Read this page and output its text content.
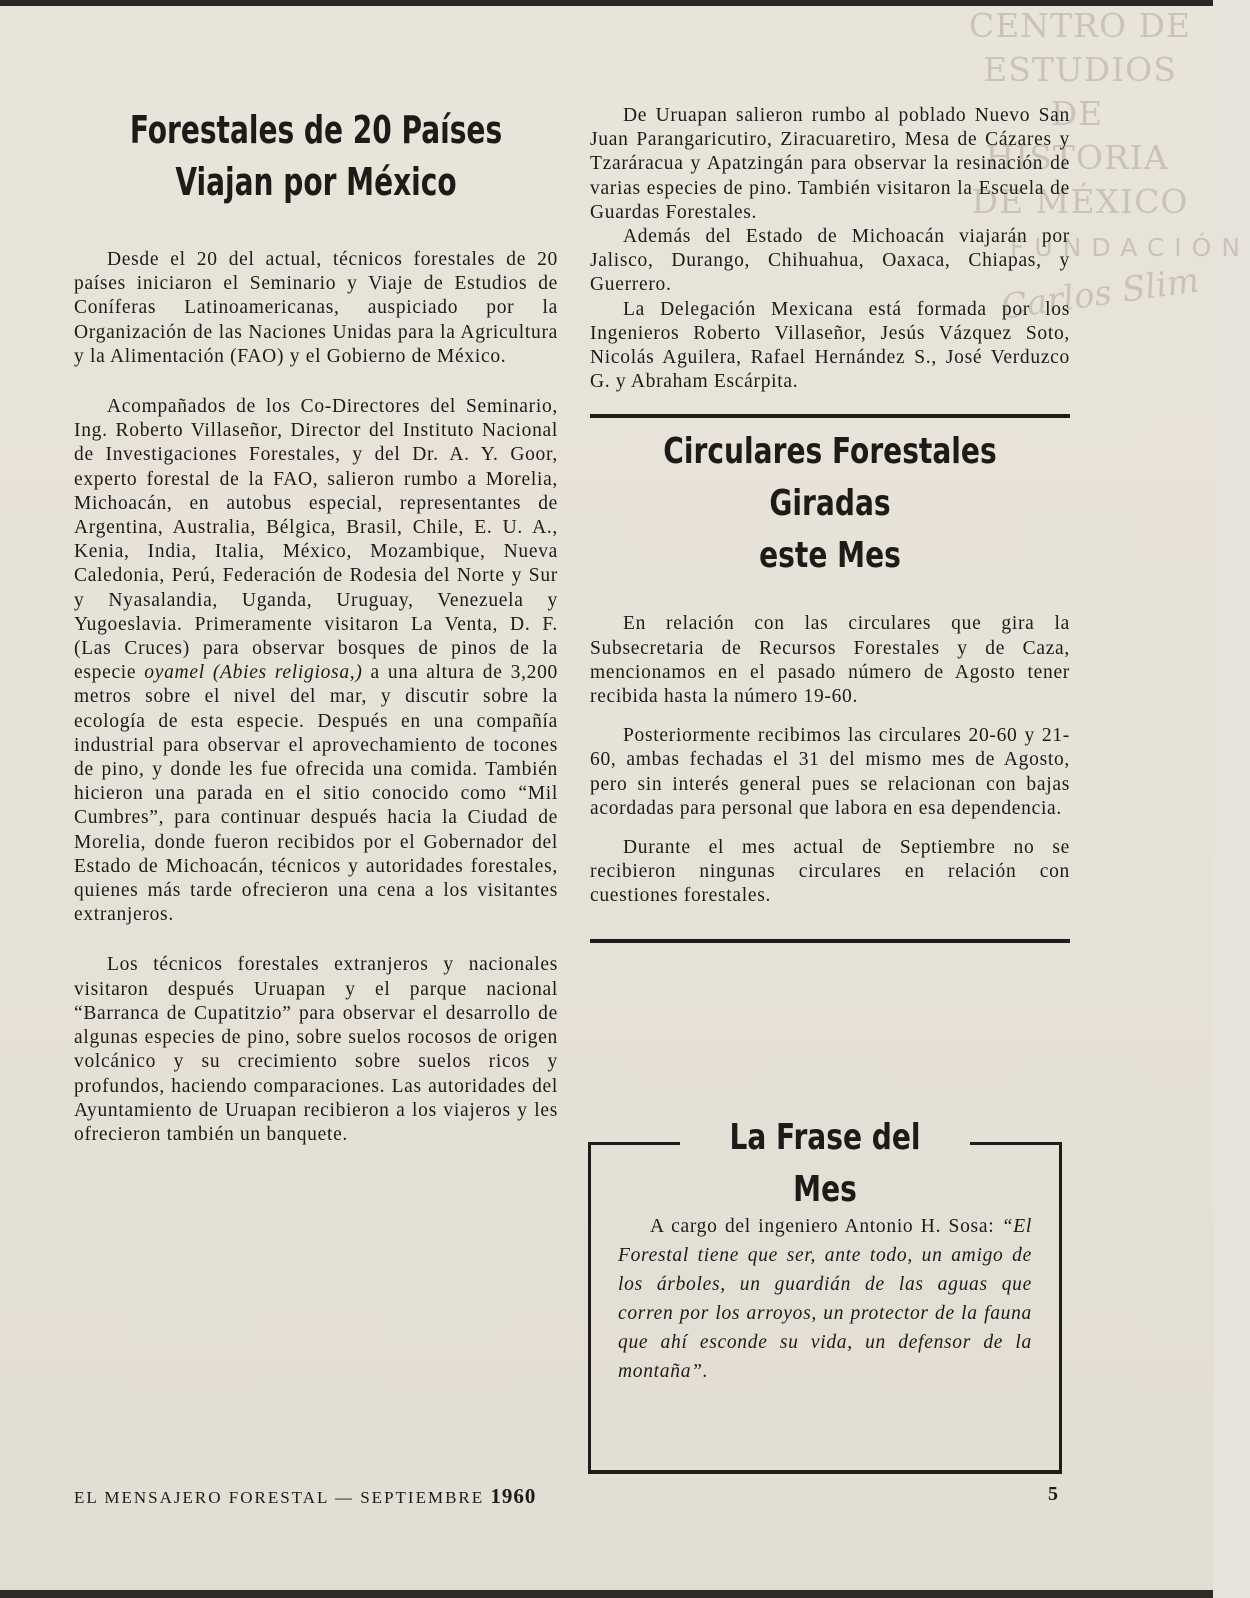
CENTRO DE
ESTUDIOS
DE HISTORIA
DE MÉXICO
FUNDACIÓN
Carlos Slim
Forestales de 20 Países
Viajan por México

Desde el 20 del actual, técnicos forestales de 20 países iniciaron el Seminario y Viaje de Estudios de Coníferas Latinoamericanas, auspiciado por la Organización de las Naciones Unidas para la Agricultura y la Alimentación (FAO) y el Gobierno de México.

Acompañados de los Co-Directores del Seminario, Ing. Roberto Villaseñor, Director del Instituto Nacional de Investigaciones Forestales, y del Dr. A. Y. Goor, experto forestal de la FAO, salieron rumbo a Morelia, Michoacán, en autobus especial, representantes de Argentina, Australia, Bélgica, Brasil, Chile, E. U. A., Kenia, India, Italia, México, Mozambique, Nueva Caledonia, Perú, Federación de Rodesia del Norte y Sur y Nyasalandia, Uganda, Uruguay, Venezuela y Yugoeslavia. Primeramente visitaron La Venta, D. F. (Las Cruces) para observar bosques de pinos de la especie oyamel (Abies religiosa,) a una altura de 3,200 metros sobre el nivel del mar, y discutir sobre la ecología de esta especie. Después en una compañía industrial para observar el aprovechamiento de tocones de pino, y donde les fue ofrecida una comida. También hicieron una parada en el sitio conocido como “Mil Cumbres”, para continuar después hacia la Ciudad de Morelia, donde fueron recibidos por el Gobernador del Estado de Michoacán, técnicos y autoridades forestales, quienes más tarde ofrecieron una cena a los visitantes extranjeros.

Los técnicos forestales extranjeros y nacionales visitaron después Uruapan y el parque nacional “Barranca de Cupatitzio” para observar el desarrollo de algunas especies de pino, sobre suelos rocosos de origen volcánico y su crecimiento sobre suelos ricos y profundos, haciendo comparaciones. Las autoridades del Ayuntamiento de Uruapan recibieron a los viajeros y les ofrecieron también un banquete.

De Uruapan salieron rumbo al poblado Nuevo San Juan Parangaricutiro, Ziracuaretiro, Mesa de Cázares y Tzaráracua y Apatzingán para observar la resinación de varias especies de pino. También visitaron la Escuela de Guardas Forestales.

Además del Estado de Michoacán viajarán por Jalisco, Durango, Chihuahua, Oaxaca, Chiapas, y Guerrero.

La Delegación Mexicana está formada por los Ingenieros Roberto Villaseñor, Jesús Vázquez Soto, Nicolás Aguilera, Rafael Hernández S., José Verduzco G. y Abraham Escárpita.

Circulares Forestales Giradas
este Mes

En relación con las circulares que gira la Subsecretaria de Recursos Forestales y de Caza, mencionamos en el pasado número de Agosto tener recibida hasta la número 19-60.

Posteriormente recibimos las circulares 20-60 y 21-60, ambas fechadas el 31 del mismo mes de Agosto, pero sin interés general pues se relacionan con bajas acordadas para personal que labora en esa dependencia.

Durante el mes actual de Septiembre no se recibieron ningunas circulares en relación con cuestiones forestales.

La Frase del Mes

A cargo del ingeniero Antonio H. Sosa: “El Forestal tiene que ser, ante todo, un amigo de los árboles, un guardián de las aguas que corren por los arroyos, un protector de la fauna que ahí esconde su vida, un defensor de la montaña”.

EL MENSAJERO FORESTAL — SEPTIEMBRE 1960	5
